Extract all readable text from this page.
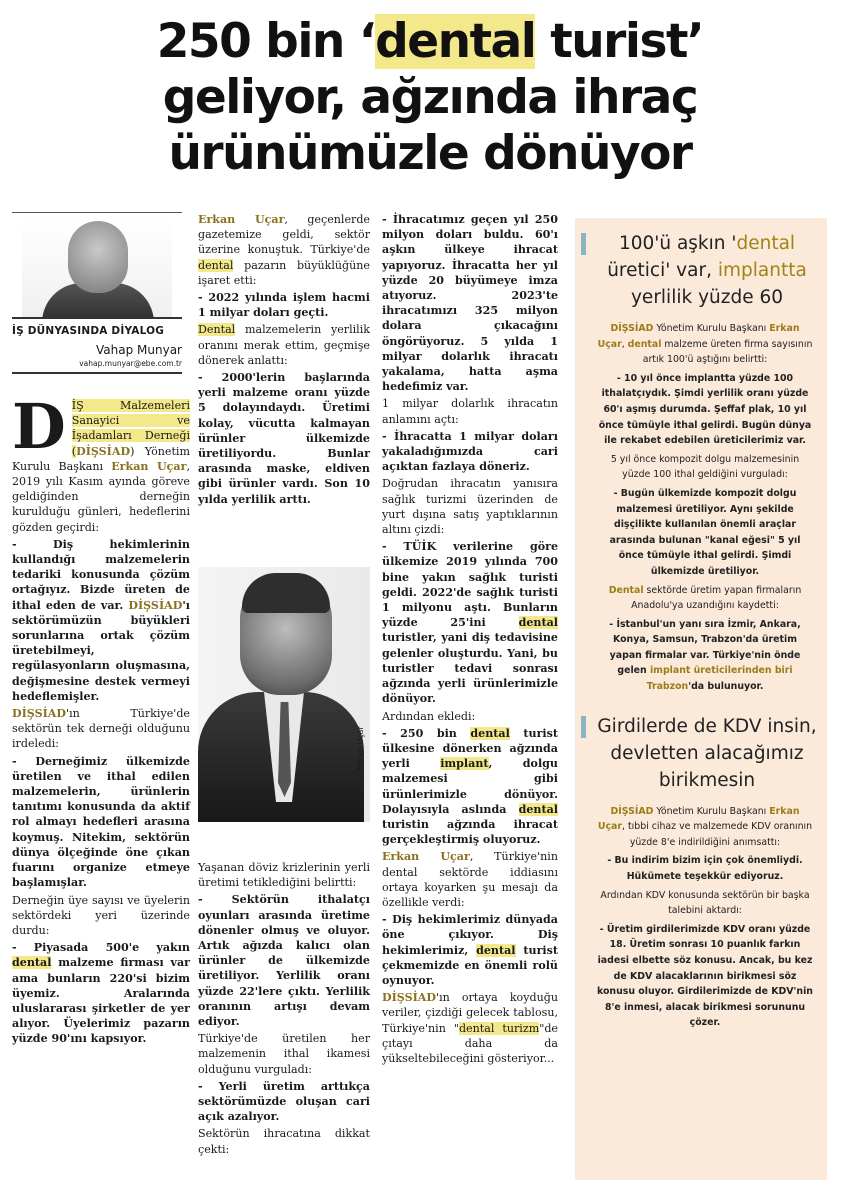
250 bin ‘dental turist’
geliyor, ağzında ihraç
ürünümüzle dönüyor
İŞ DÜNYASINDA DİYALOG
Vahap Munyar
vahap.munyar@ebe.com.tr

DİŞ Malzemeleri Sanayici ve İşadamları Derneği (DİŞSİAD) Yönetim Kurulu Başkanı Erkan Uçar, 2019 yılı Kasım ayında göreve geldiğinden derneğin kurulduğu günleri, hedeflerini gözden geçirdi:

- Diş hekimlerinin kullandığı malzemelerin tedariki konusunda çözüm ortağıyız. Bizde üreten de ithal eden de var. DİŞSİAD'ı sektörümüzün büyükleri sorunlarına ortak çözüm üretebilmeyi, regülasyonların oluşmasına, değişmesine destek vermeyi hedeflemişler.

DİŞSİAD'ın Türkiye'de sektörün tek derneği olduğunu irdeledi:

- Derneğimiz ülkemizde üretilen ve ithal edilen malzemelerin, ürünlerin tanıtımı konusunda da aktif rol almayı hedefleri arasına koymuş. Nitekim, sektörün dünya ölçeğinde öne çıkan fuarını organize etmeye başlamışlar.

Derneğin üye sayısı ve üyelerin sektördeki yeri üzerinde durdu:

- Piyasada 500'e yakın dental malzeme firması var ama bunların 220'si bizim üyemiz. Aralarında uluslararası şirketler de yer alıyor. Üyelerimiz pazarın yüzde 90'ını kapsıyor.

Erkan Uçar, geçenlerde gazetemize geldi, sektör üzerine konuştuk. Türkiye'de dental pazarın büyüklüğüne işaret etti:

- 2022 yılında işlem hacmi 1 milyar doları geçti.

Dental malzemelerin yerlilik oranını merak ettim, geçmişe dönerek anlattı:

- 2000'lerin başlarında yerli malzeme oranı yüzde 5 dolayındaydı. Üretimi kolay, vücutta kalmayan ürünler ülkemizde üretiliyordu. Bunlar arasında maske, eldiven gibi ürünler vardı. Son 10 yılda yerlilik arttı.

Erkan Uçar

Yaşanan döviz krizlerinin yerli üretimi tetiklediğini belirtti:

- Sektörün ithalatçı oyunları arasında üretime dönenler olmuş ve oluyor. Artık ağızda kalıcı olan ürünler de ülkemizde üretiliyor. Yerlilik oranı yüzde 22'lere çıktı. Yerlilik oranının artışı devam ediyor.

Türkiye'de üretilen her malzemenin ithal ikamesi olduğunu vurguladı:

- Yerli üretim arttıkça sektörümüzde oluşan cari açık azalıyor.

Sektörün ihracatına dikkat çekti:

- İhracatımız geçen yıl 250 milyon doları buldu. 60'ı aşkın ülkeye ihracat yapıyoruz. İhracatta her yıl yüzde 20 büyümeye imza atıyoruz. 2023'te ihracatımızı 325 milyon dolara çıkacağını öngörüyoruz. 5 yılda 1 milyar dolarlık ihracatı yakalama, hatta aşma hedefimiz var.

1 milyar dolarlık ihracatın anlamını açtı:

- İhracatta 1 milyar doları yakaladığımızda cari açıktan fazlaya döneriz.

Doğrudan ihracatın yanısıra sağlık turizmi üzerinden de yurt dışına satış yaptıklarının altını çizdi:

- TÜİK verilerine göre ülkemize 2019 yılında 700 bine yakın sağlık turisti geldi. 2022'de sağlık turisti 1 milyonu aştı. Bunların yüzde 25'ini dental turistler, yani diş tedavisine gelenler oluşturdu. Yani, bu turistler tedavi sonrası ağzında yerli ürünlerimizle dönüyor.

Ardından ekledi:

- 250 bin dental turist ülkesine dönerken ağzında yerli implant, dolgu malzemesi gibi ürünlerimizle dönüyor. Dolayısıyla aslında dental turistin ağzında ihracat gerçekleştirmiş oluyoruz.

Erkan Uçar, Türkiye'nin dental sektörde iddiasını ortaya koyarken şu mesajı da özellikle verdi:

- Diş hekimlerimiz dünyada öne çıkıyor. Diş hekimlerimiz, dental turist çekmemizde en önemli rolü oynuyor.

DİŞSİAD'ın ortaya koyduğu veriler, çizdiği gelecek tablosu, Türkiye'nin "dental turizm"de çıtayı daha da yükseltebileceğini gösteriyor...

100'ü aşkın 'dental üretici' var, implantta yerlilik yüzde 60

DİŞSİAD Yönetim Kurulu Başkanı Erkan Uçar, dental malzeme üreten firma sayısının artık 100'ü aştığını belirtti:

- 10 yıl önce implantta yüzde 100 ithalatçıydık. Şimdi yerlilik oranı yüzde 60'ı aşmış durumda. Şeffaf plak, 10 yıl önce tümüyle ithal gelirdi. Bugün dünya ile rekabet edebilen üreticilerimiz var.

5 yıl önce kompozit dolgu malzemesinin yüzde 100 ithal geldiğini vurguladı:

- Bugün ülkemizde kompozit dolgu malzemesi üretiliyor. Aynı şekilde dişçilikte kullanılan önemli araçlar arasında bulunan "kanal eğesi" 5 yıl önce tümüyle ithal gelirdi. Şimdi ülkemizde üretiliyor.

Dental sektörde üretim yapan firmaların Anadolu'ya uzandığını kaydetti:

- İstanbul'un yanı sıra İzmir, Ankara, Konya, Samsun, Trabzon'da üretim yapan firmalar var. Türkiye'nin önde gelen implant üreticilerinden biri Trabzon'da bulunuyor.

Girdilerde de KDV insin, devletten alacağımız birikmesin

DİŞSİAD Yönetim Kurulu Başkanı Erkan Uçar, tıbbi cihaz ve malzemede KDV oranının yüzde 8'e indirildiğini anımsattı:

- Bu indirim bizim için çok önemliydi. Hükümete teşekkür ediyoruz.

Ardından KDV konusunda sektörün bir başka talebini aktardı:

- Üretim girdilerimizde KDV oranı yüzde 18. Üretim sonrası 10 puanlık farkın iadesi elbette söz konusu. Ancak, bu kez de KDV alacaklarının birikmesi söz konusu oluyor. Girdilerimizde de KDV'nin 8'e inmesi, alacak birikmesi sorununu çözer.
